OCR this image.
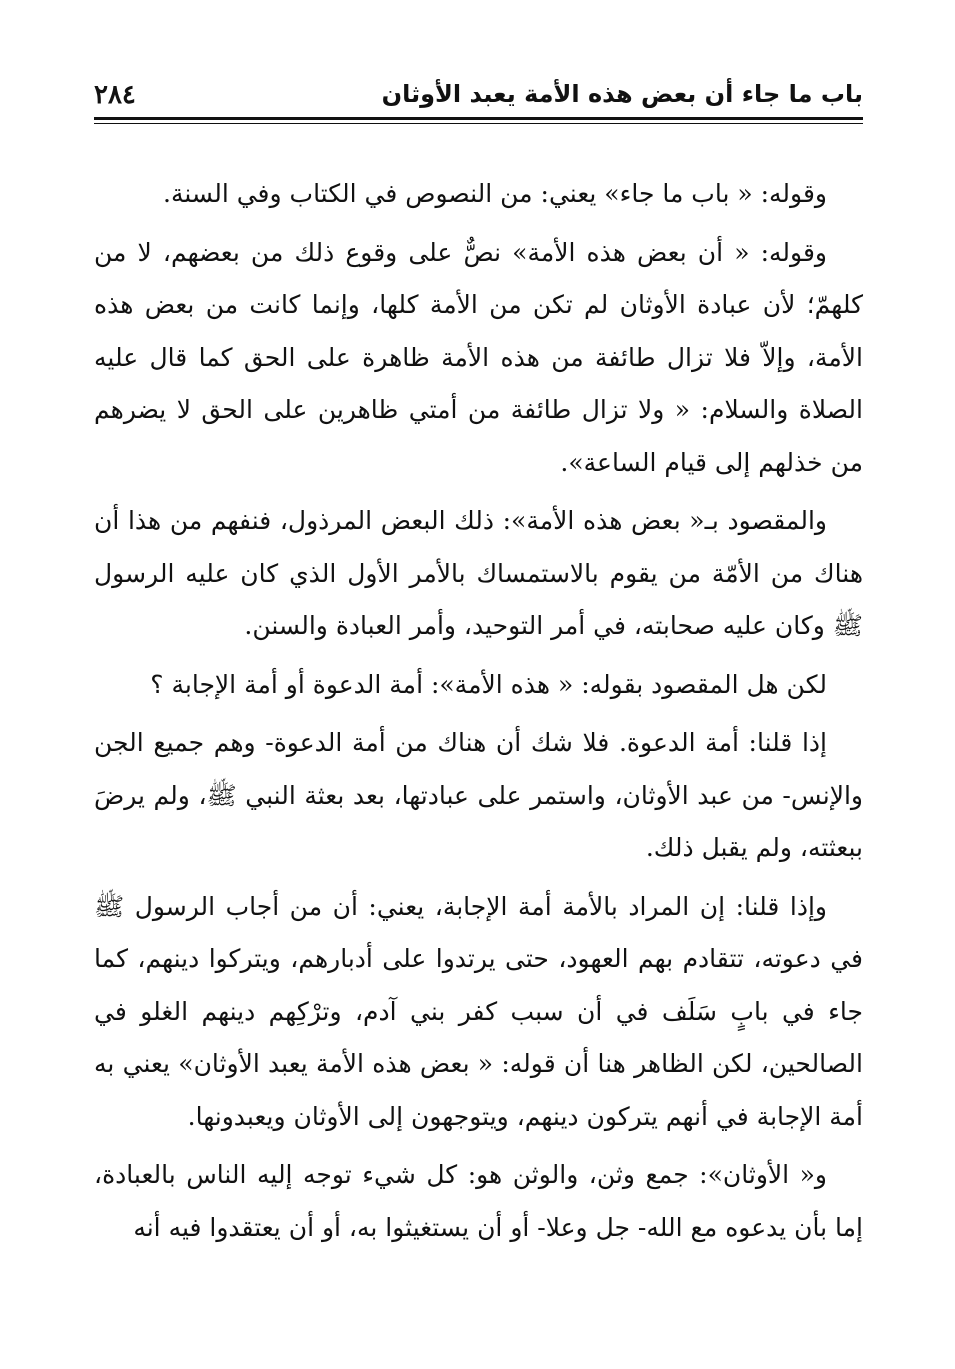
باب ما جاء أن بعض هذه الأمة يعبد الأوثان
٢٨٤

وقوله: « باب ما جاء» يعني: من النصوص في الكتاب وفي السنة.

وقوله: « أن بعض هذه الأمة» نصٌّ على وقوع ذلك من بعضهم، لا من كلهمّ؛ لأن عبادة الأوثان لم تكن من الأمة كلها، وإنما كانت من بعض هذه الأمة، وإلاّ فلا تزال طائفة من هذه الأمة ظاهرة على الحق كما قال عليه الصلاة والسلام: « ولا تزال طائفة من أمتي ظاهرين على الحق لا يضرهم من خذلهم إلى قيام الساعة».

والمقصود بـ« بعض هذه الأمة»: ذلك البعض المرذول، فنفهم من هذا أن هناك من الأمّة من يقوم بالاستمساك بالأمر الأول الذي كان عليه الرسول ﷺ وكان عليه صحابته، في أمر التوحيد، وأمر العبادة والسنن.

لكن هل المقصود بقوله: « هذه الأمة»: أمة الدعوة أو أمة الإجابة ؟

إذا قلنا: أمة الدعوة. فلا شك أن هناك من أمة الدعوة- وهم جميع الجن والإنس- من عبد الأوثان، واستمر على عبادتها، بعد بعثة النبي ﷺ، ولم يرضَ ببعثته، ولم يقبل ذلك.

وإذا قلنا: إن المراد بالأمة أمة الإجابة، يعني: أن من أجاب الرسول ﷺ في دعوته، تتقادم بهم العهود، حتى يرتدوا على أدبارهم، ويتركوا دينهم، كما جاء في بابٍ سَلَف في أن سبب كفر بني آدم، وترْكِهم دينهم الغلو في الصالحين، لكن الظاهر هنا أن قوله: « بعض هذه الأمة يعبد الأوثان» يعني به أمة الإجابة في أنهم يتركون دينهم، ويتوجهون إلى الأوثان ويعبدونها.

و« الأوثان»: جمع وثن، والوثن هو: كل شيء توجه إليه الناس بالعبادة، إما بأن يدعوه مع الله- جل وعلا- أو أن يستغيثوا به، أو أن يعتقدوا فيه أنه
